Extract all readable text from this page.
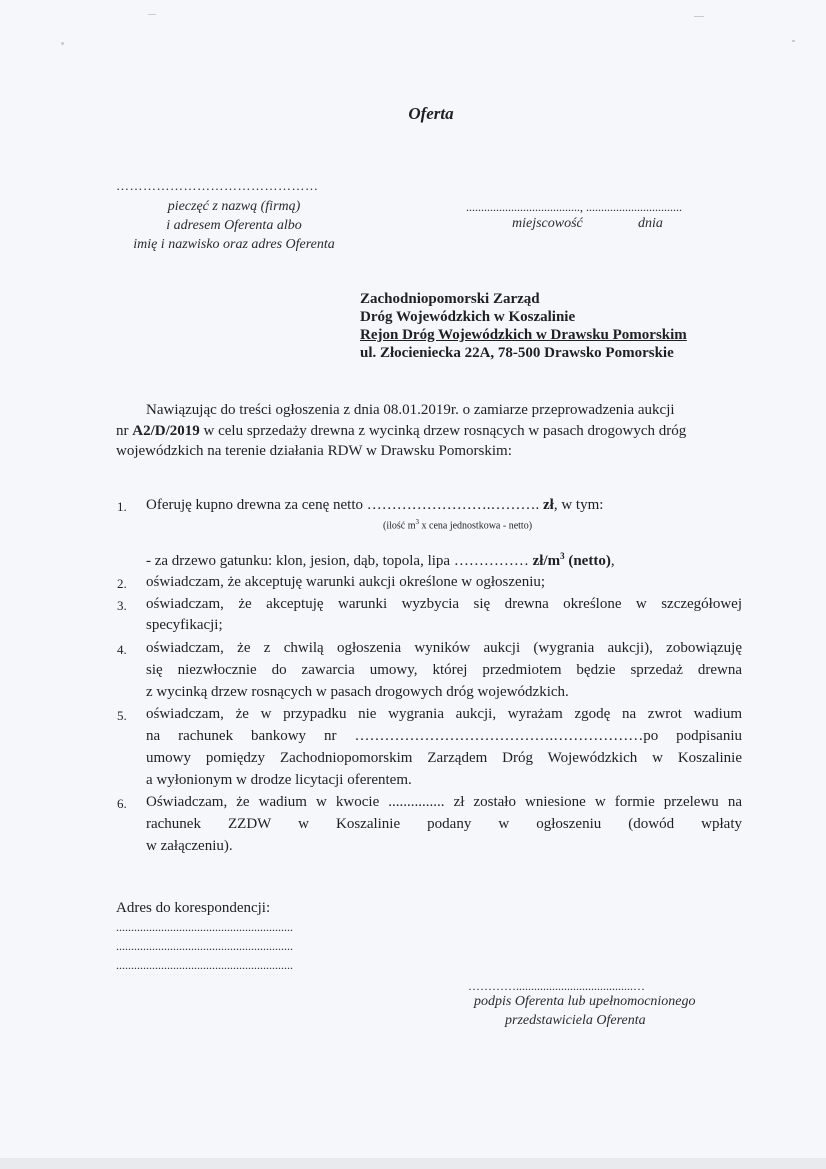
Oferta
………………………………………
pieczęć z nazwą (firmą)
i adresem Oferenta albo
imię i nazwisko oraz adres Oferenta
......................................, ................................
miejscowość	dnia
Zachodniopomorski Zarząd
Dróg Wojewódzkich w Koszalinie
Rejon Dróg Wojewódzkich w Drawsku Pomorskim
ul. Złocieniecka 22A, 78-500 Drawsko Pomorskie
Nawiązując do treści ogłoszenia z dnia 08.01.2019r. o zamiarze przeprowadzenia aukcji
nr A2/D/2019 w celu sprzedaży drewna z wycinką drzew rosnących w pasach drogowych dróg
wojewódzkich na terenie działania RDW w Drawsku Pomorskim:
1. Oferuję kupno drewna za cenę netto …………………….………. zł, w tym:
(ilość $m^3$ x cena jednostkowa - netto)
- za drzewo gatunku: klon, jesion, dąb, topola, lipa …………… $zł/m^3$ (netto),
2. oświadczam, że akceptuję warunki aukcji określone w ogłoszeniu;
3. oświadczam, że akceptuję warunki wyzbycia się drewna określone w szczegółowej
specyfikacji;
4. oświadczam, że z chwilą ogłoszenia wyników aukcji (wygrania aukcji), zobowiązuję
się niezwłocznie do zawarcia umowy, której przedmiotem będzie sprzedaż drewna
z wycinką drzew rosnących w pasach drogowych dróg wojewódzkich.
5. oświadczam, że w przypadku nie wygrania aukcji, wyrażam zgodę na zwrot wadium
na rachunek bankowy nr ………………………………….………………po podpisaniu
umowy pomiędzy Zachodniopomorskim Zarządem Dróg Wojewódzkich w Koszalinie
a wyłonionym w drodze licytacji oferentem.
6. Oświadczam, że wadium w kwocie ............... zł zostało wniesione w formie przelewu na
rachunek ZZDW w Koszalinie podany w ogłoszeniu (dowód wpłaty
w załączeniu).
Adres do korespondencji:
...........................................................
...........................................................
...........................................................
………….......................................…
podpis Oferenta lub upełnomocnionego
przedstawiciela Oferenta
